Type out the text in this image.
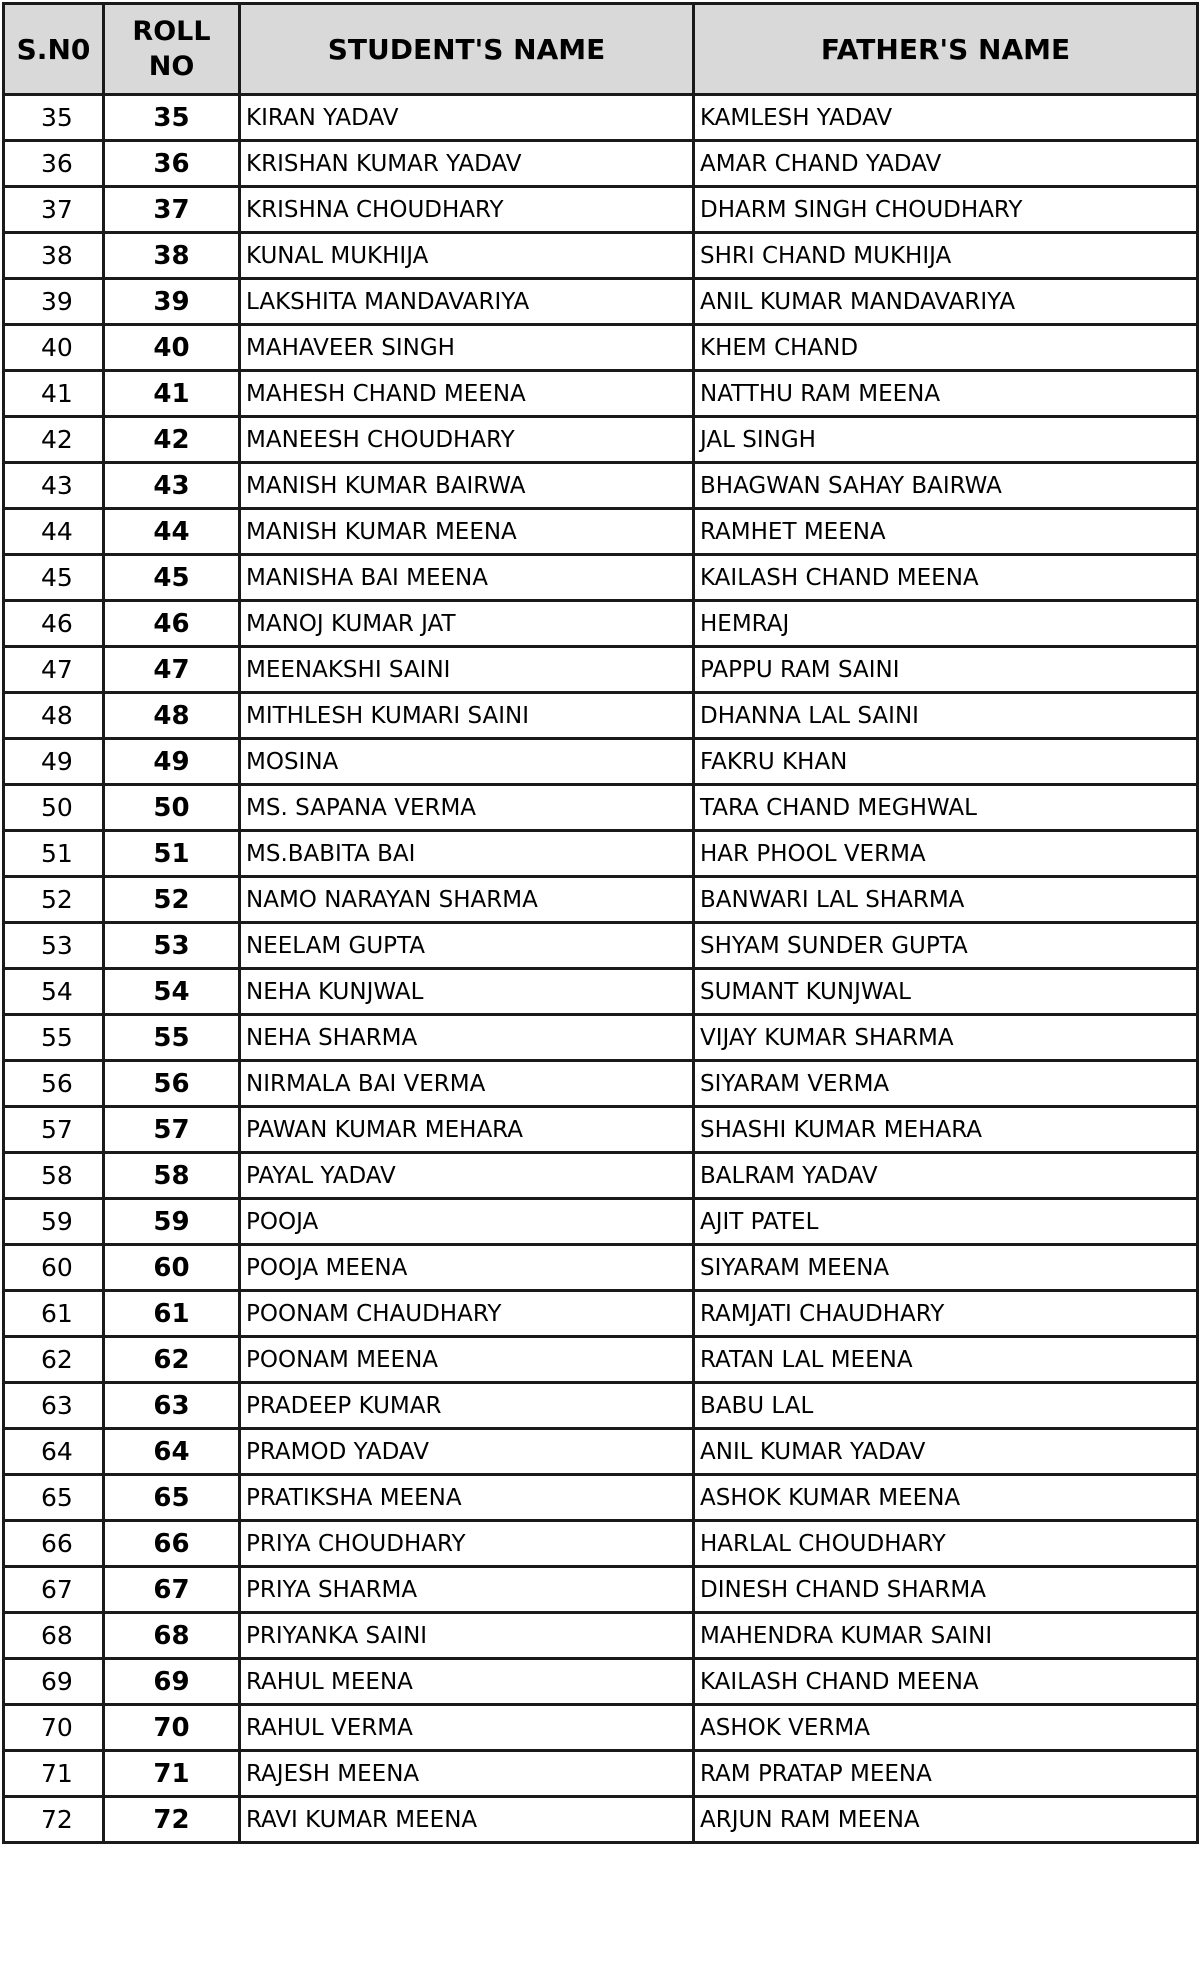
S.N0	ROLL NO	STUDENT'S NAME	FATHER'S NAME
35	35	KIRAN YADAV	KAMLESH YADAV
36	36	KRISHAN KUMAR YADAV	AMAR CHAND YADAV
37	37	KRISHNA CHOUDHARY	DHARM SINGH CHOUDHARY
38	38	KUNAL MUKHIJA	SHRI CHAND MUKHIJA
39	39	LAKSHITA MANDAVARIYA	ANIL KUMAR MANDAVARIYA
40	40	MAHAVEER SINGH	KHEM CHAND
41	41	MAHESH CHAND MEENA	NATTHU RAM MEENA
42	42	MANEESH CHOUDHARY	JAL SINGH
43	43	MANISH KUMAR BAIRWA	BHAGWAN SAHAY BAIRWA
44	44	MANISH KUMAR MEENA	RAMHET MEENA
45	45	MANISHA BAI MEENA	KAILASH CHAND MEENA
46	46	MANOJ KUMAR JAT	HEMRAJ
47	47	MEENAKSHI SAINI	PAPPU RAM SAINI
48	48	MITHLESH KUMARI SAINI	DHANNA LAL SAINI
49	49	MOSINA	FAKRU KHAN
50	50	MS. SAPANA VERMA	TARA CHAND MEGHWAL
51	51	MS.BABITA BAI	HAR PHOOL VERMA
52	52	NAMO NARAYAN SHARMA	BANWARI LAL SHARMA
53	53	NEELAM GUPTA	SHYAM SUNDER GUPTA
54	54	NEHA KUNJWAL	SUMANT KUNJWAL
55	55	NEHA SHARMA	VIJAY KUMAR SHARMA
56	56	NIRMALA BAI VERMA	SIYARAM VERMA
57	57	PAWAN KUMAR MEHARA	SHASHI KUMAR MEHARA
58	58	PAYAL YADAV	BALRAM YADAV
59	59	POOJA	AJIT PATEL
60	60	POOJA MEENA	SIYARAM MEENA
61	61	POONAM CHAUDHARY	RAMJATI CHAUDHARY
62	62	POONAM MEENA	RATAN LAL MEENA
63	63	PRADEEP KUMAR	BABU LAL
64	64	PRAMOD YADAV	ANIL KUMAR YADAV
65	65	PRATIKSHA MEENA	ASHOK KUMAR MEENA
66	66	PRIYA CHOUDHARY	HARLAL CHOUDHARY
67	67	PRIYA SHARMA	DINESH CHAND SHARMA
68	68	PRIYANKA SAINI	MAHENDRA KUMAR SAINI
69	69	RAHUL MEENA	KAILASH CHAND MEENA
70	70	RAHUL VERMA	ASHOK VERMA
71	71	RAJESH MEENA	RAM PRATAP MEENA
72	72	RAVI KUMAR MEENA	ARJUN RAM MEENA
